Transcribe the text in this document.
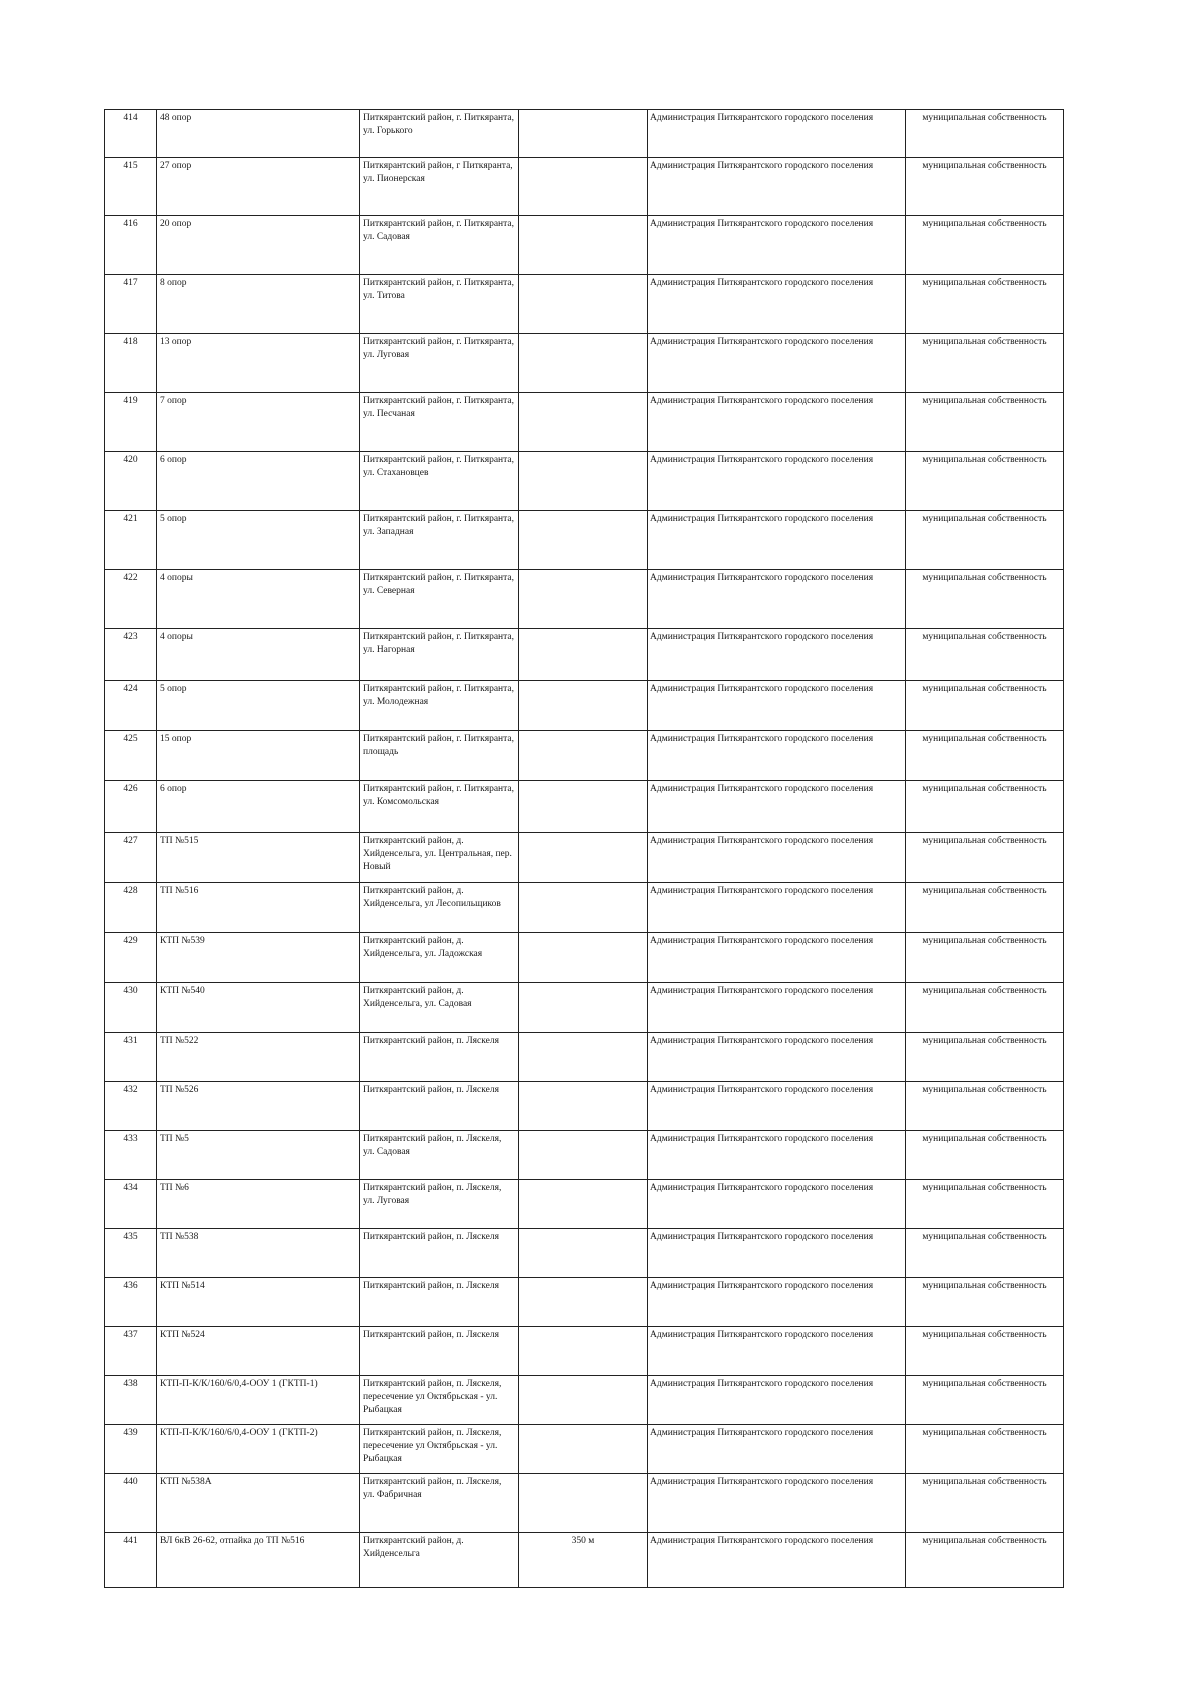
414	48 опор	Питкярантский район, г. Питкяранта, ул. Горького		Администрация Питкярантского городского поселения	муниципальная собственность
415	27 опор	Питкярантский район, г Питкяранта, ул. Пионерская		Администрация Питкярантского городского поселения	муниципальная собственность
416	20 опор	Питкярантский район, г. Питкяранта, ул. Садовая		Администрация Питкярантского городского поселения	муниципальная собственность
417	8 опор	Питкярантский район, г. Питкяранта, ул. Титова		Администрация Питкярантского городского поселения	муниципальная собственность
418	13 опор	Питкярантский район, г. Питкяранта, ул. Луговая		Администрация Питкярантского городского поселения	муниципальная собственность
419	7 опор	Питкярантский район, г. Питкяранта, ул. Песчаная		Администрация Питкярантского городского поселения	муниципальная собственность
420	6 опор	Питкярантский район, г. Питкяранта, ул. Стахановцев		Администрация Питкярантского городского поселения	муниципальная собственность
421	5 опор	Питкярантский район, г. Питкяранта, ул. Западная		Администрация Питкярантского городского поселения	муниципальная собственность
422	4 опоры	Питкярантский район, г. Питкяранта, ул. Северная		Администрация Питкярантского городского поселения	муниципальная собственность
423	4 опоры	Питкярантский район, г. Питкяранта, ул. Нагорная		Администрация Питкярантского городского поселения	муниципальная собственность
424	5 опор	Питкярантский район, г. Питкяранта, ул. Молодежная		Администрация Питкярантского городского поселения	муниципальная собственность
425	15 опор	Питкярантский район, г. Питкяранта, площадь		Администрация Питкярантского городского поселения	муниципальная собственность
426	6 опор	Питкярантский район, г. Питкяранта, ул. Комсомольская		Администрация Питкярантского городского поселения	муниципальная собственность
427	ТП №515	Питкярантский район, д. Хийденсельга, ул. Центральная, пер. Новый		Администрация Питкярантского городского поселения	муниципальная собственность
428	ТП №516	Питкярантский район, д. Хийденсельга, ул Лесопильщиков		Администрация Питкярантского городского поселения	муниципальная собственность
429	КТП №539	Питкярантский район, д. Хийденсельга, ул. Ладожская		Администрация Питкярантского городского поселения	муниципальная собственность
430	КТП №540	Питкярантский район, д. Хийденсельга, ул. Садовая		Администрация Питкярантского городского поселения	муниципальная собственность
431	ТП №522	Питкярантский район, п. Ляскеля		Администрация Питкярантского городского поселения	муниципальная собственность
432	ТП №526	Питкярантский район, п. Ляскеля		Администрация Питкярантского городского поселения	муниципальная собственность
433	ТП №5	Питкярантский район, п. Ляскеля, ул. Садовая		Администрация Питкярантского городского поселения	муниципальная собственность
434	ТП №6	Питкярантский район, п. Ляскеля, ул. Луговая		Администрация Питкярантского городского поселения	муниципальная собственность
435	ТП №538	Питкярантский район, п. Ляскеля		Администрация Питкярантского городского поселения	муниципальная собственность
436	КТП №514	Питкярантский район, п. Ляскеля		Администрация Питкярантского городского поселения	муниципальная собственность
437	КТП №524	Питкярантский район, п. Ляскеля		Администрация Питкярантского городского поселения	муниципальная собственность
438	КТП-П-К/К/160/6/0,4-ООУ 1 (ГКТП-1)	Питкярантский район, п. Ляскеля, пересечение ул Октябрьская - ул. Рыбацкая		Администрация Питкярантского городского поселения	муниципальная собственность
439	КТП-П-К/К/160/6/0,4-ООУ 1 (ГКТП-2)	Питкярантский район, п. Ляскеля, пересечение ул Октябрьская - ул. Рыбацкая		Администрация Питкярантского городского поселения	муниципальная собственность
440	КТП №538А	Питкярантский район, п. Ляскеля, ул. Фабричная		Администрация Питкярантского городского поселения	муниципальная собственность
441	ВЛ 6кВ 26-62, отпайка до ТП №516	Питкярантский район, д. Хийденсельга	350 м	Администрация Питкярантского городского поселения	муниципальная собственность
